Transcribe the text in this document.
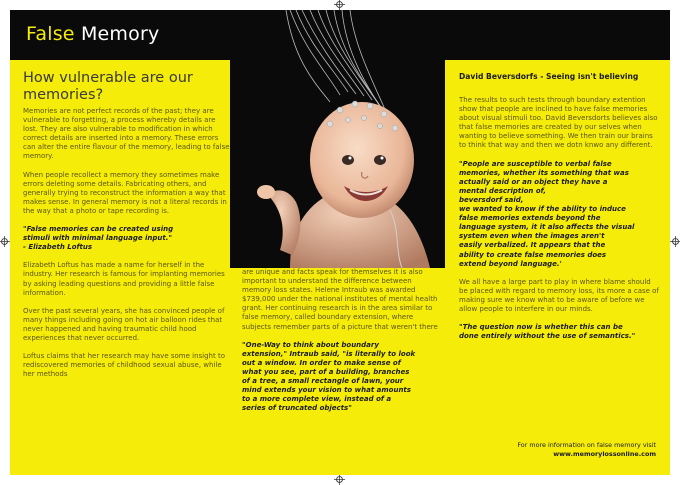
False Memory
How vulnerable are our memories?

Memories are not perfect records of the past; they are vulnerable to forgetting, a process whereby details are lost. They are also vulnerable to modification in which correct details are inserted into a memory. These errors can alter the entire flavour of the memory, leading to false memory.

When people recollect a memory they sometimes make errors deleting some details. Fabricating others, and generally trying to reconstruct the information a way that makes sense. In general memory is not a literal records in the way that a photo or tape recording is.

"False memories can be created using
stimuli with minimal language input."
- Elizabeth Loftus

Elizabeth Loftus has made a name for herself in the industry. Her research is famous for implanting memories by asking leading questions and providing a little false information.

Over the past several years, she has convinced people of many things including going on hot air balloon rides that never happened and having traumatic child hood experiences that never occurred.

Loftus claims that her research may have some insight to rediscovered memories of childhood sexual abuse, while her methods

are unique and facts speak for themselves it is also important to understand the difference between memory loss states. Helene Intraub was awarded $739,000 under the national institutes of mental health grant. Her continuing research is in the area similar to false memory, called boundary extension, where subjects remember parts of a picture that weren't there

"One-Way to think about boundary
extension," Intraub said, "is literally to look
out a window. In order to make sense of
what you see, part of a building, branches
of a tree, a small rectangle of lawn, your
mind extends your vision to what amounts
to a more complete view, instead of a
series of truncated objects"
David Beversdorfs - Seeing isn't believing

The results to such tests through boundary extention show that people are inclined to have false memories about visual stimuli too. David Beversdorts believes also that false memories are created by our selves when wanting to believe something. We then train our brains to think that way and then we dotn knwo any different.

"People are susceptible to verbal false
memories, whether its something that was
actually said or an object they have a
mental description of,
beversdorf said,
we wanted to know if the ability to induce
false memories extends beyond the
language system, it it also affects the visual
system even when the images aren't
easily verbalized. It appears that the
ability to create false memories does
extend beyond language.'

We all have a large part to play in where blame should be placed with regard to memory loss, its more a case of making sure we know what to be aware of before we allow people to interfere in our minds.

"The question now is whether this can be
done entirely without the use of semantics."
For more information on false memory visit
www.memorylossonline.com
